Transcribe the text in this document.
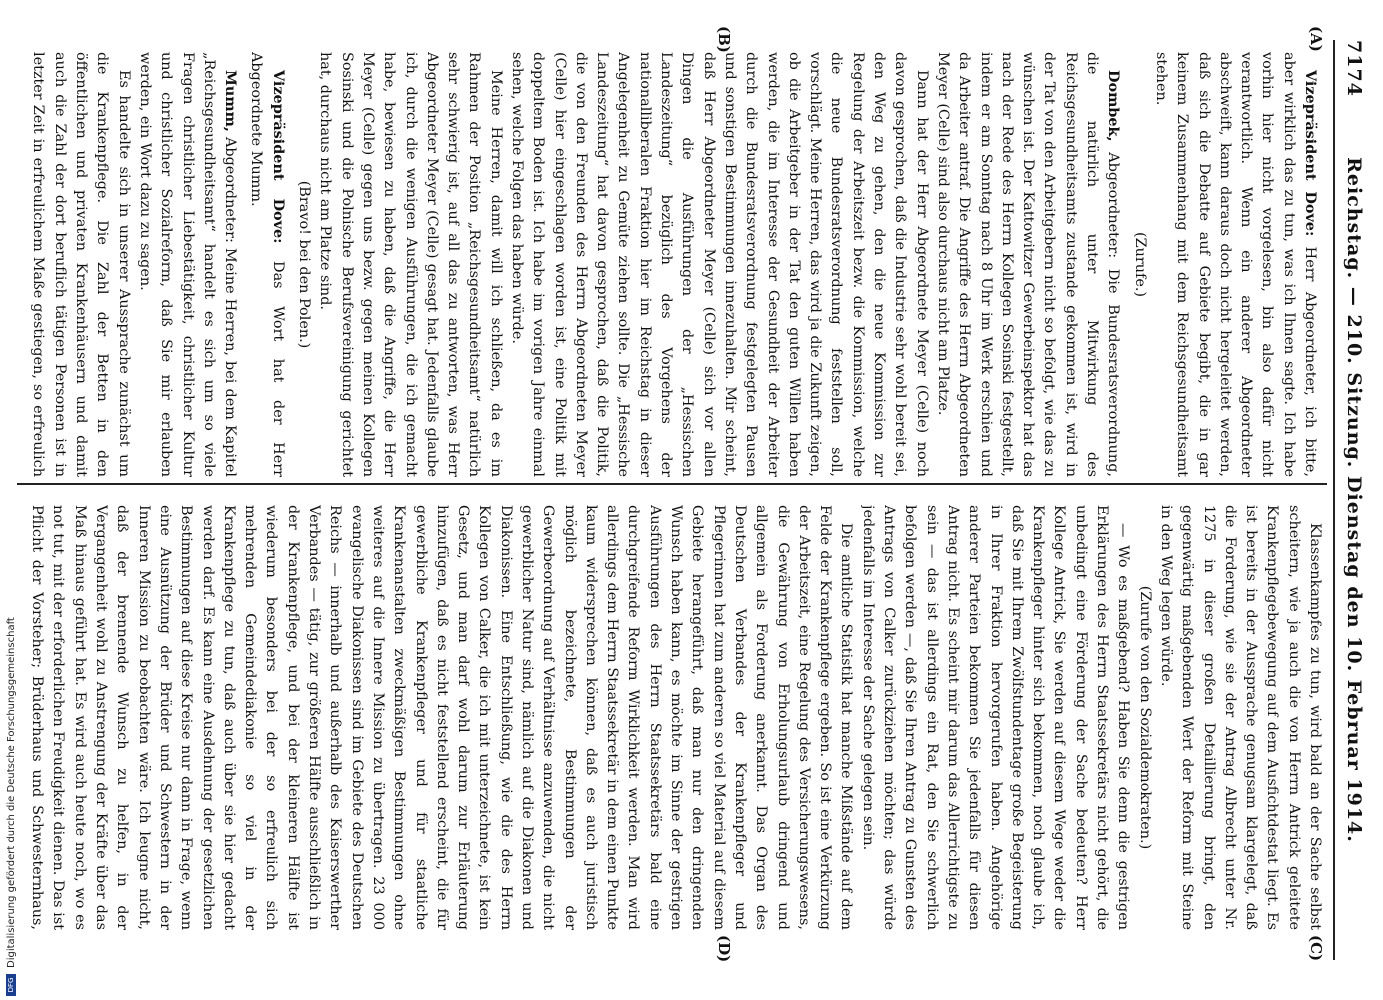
7174
Reichstag. — 210. Sitzung. Dienstag den 10. Februar 1914.
(A)
(B)
(C)
(D)

Vizepräsident Dove: Herr Abgeordneter, ich bitte, aber wirklich das zu tun, was ich Ihnen sagte. Ich habe vorhin hier nicht vorgelesen, bin also dafür nicht verantwortlich. Wenn ein anderer Abgeordneter abschweift, kann daraus doch nicht hergeleitet werden, daß sich die Debatte auf Gebiete begibt, die in gar keinem Zusammenhang mit dem Reichsgesundheitsamt stehen.

(Zurufe.)

Dombek, Abgeordneter: Die Bundesratsverordnung, die natürlich unter Mitwirkung des Reichsgesundheitsamts zustande gekommen ist, wird in der Tat von den Arbeitgebern nicht so befolgt, wie das zu wünschen ist. Der Kattowitzer Gewerbeinspektor hat das nach der Rede des Herrn Kollegen Sosinski festgestellt, indem er am Sonntag nach 8 Uhr im Werk erschien und da Arbeiter antraf. Die Angriffe des Herrn Abgeordneten Meyer (Celle) sind also durchaus nicht am Platze.

Dann hat der Herr Abgeordnete Meyer (Celle) noch davon gesprochen, daß die Industrie sehr wohl bereit sei, den Weg zu gehen, den die neue Kommission zur Regelung der Arbeitszeit bezw. die Kommission, welche die neue Bundesratsverordnung feststellen soll, vorschlägt. Meine Herren, das wird ja die Zukunft zeigen, ob die Arbeitgeber in der Tat den guten Willen haben werden, die im Interesse der Gesundheit der Arbeiter durch die Bundesratsverordnung festgelegten Pausen und sonstigen Bestimmungen innezuhalten. Mir scheint, daß Herr Abgeordneter Meyer (Celle) sich vor allen Dingen die Ausführungen der „Hessischen Landeszeitung“ bezüglich des Vorgehens der nationalliberalen Fraktion hier im Reichstag in dieser Angelegenheit zu Gemüte ziehen sollte. Die „Hessische Landeszeitung“ hat davon gesprochen, daß die Politik, die von den Freunden des Herrn Abgeordneten Meyer (Celle) hier eingeschlagen worden ist, eine Politik mit doppeltem Boden ist. Ich habe im vorigen Jahre einmal sehen, welche Folgen das haben würde.

Meine Herren, damit will ich schließen, da es im Rahmen der Position „Reichsgesundheitsamt“ natürlich sehr schwierig ist, auf all das zu antworten, was Herr Abgeordneter Meyer (Celle) gesagt hat. Jedenfalls glaube ich, durch die wenigen Ausführungen, die ich gemacht habe, bewiesen zu haben, daß die Angriffe, die Herr Meyer (Celle) gegen uns bezw. gegen meinen Kollegen Sosinski und die Polnische Berufsvereinigung gerichtet hat, durchaus nicht am Platze sind.

(Bravo! bei den Polen.)

Vizepräsident Dove: Das Wort hat der Herr Abgeordnete Mumm.

Mumm, Abgeordneter: Meine Herren, bei dem Kapitel „Reichsgesundheitsamt“ handelt es sich um so viele Fragen christlicher Liebestätigkeit, christlicher Kultur und christlicher Sozialreform, daß Sie mir erlauben werden, ein Wort dazu zu sagen.

Es handelte sich in unserer Aussprache zunächst um die Krankenpflege. Die Zahl der Betten in den öffentlichen und privaten Krankenhäusern und damit auch die Zahl der dort beruflich tätigen Personen ist in letzter Zeit in erfreulichem Maße gestiegen, so erfreulich

Klassenkampfes zu tun, wird bald an der Sache selbst scheitern, wie ja auch die von Herrn Antrick geleitete Krankenpflegebewegung auf dem Ausfichtdestat liegt. Es ist bereits in der Aussprache genugsam klargelegt, daß die Forderung, wie sie der Antrag Albrecht unter Nr. 1275 in dieser großen Detaillierung bringt, den gegenwärtig maßgebenden Wert der Reform mit Steine in den Weg legen würde.

(Zurufe von den Sozialdemokraten.)

— Wo es maßgebend? Haben Sie denn die gestrigen Erklärungen des Herrn Staatssekretärs nicht gehört, die unbedingt eine Förderung der Sache bedeuten? Herr Kollege Antrick, Sie werden auf diesem Wege weder die Krankenpfleger hinter sich bekommen, noch glaube ich, daß Sie mit Ihrem Zwölfstundentage große Begeisterung in Ihrer Fraktion hervorgerufen haben. Angehörige anderer Parteien bekommen Sie jedenfalls für diesen Antrag nicht. Es scheint mir darum das Allerrichtigste zu sein — das ist allerdings ein Rat, den Sie schwerlich befolgen werden —, daß Sie Ihren Antrag zu Gunsten des Antrags von Calker zurückziehen möchten; das würde jedenfalls im Interesse der Sache gelegen sein.

Die amtliche Statistik hat manche Mißstände auf dem Felde der Krankenpflege ergeben. So ist eine Verkürzung der Arbeitszeit, eine Regelung des Versicherungswesens, die Gewährung von Erholungsurlaub dringend und allgemein als Forderung anerkannt. Das Organ des Deutschen Verbandes der Krankenpfleger und Pflegerinnen hat zum anderen so viel Material auf diesem Gebiete herangeführt, daß man nur den dringenden Wunsch haben kann, es möchte im Sinne der gestrigen Ausführungen des Herrn Staatssekretärs bald eine durchgreifende Reform Wirklichkeit werden. Man wird allerdings dem Herrn Staatssekretär in dem einen Punkte kaum widersprechen können, daß es auch juristisch möglich bezeichnete, Bestimmungen der Gewerbeordnung auf Verhältnisse anzuwenden, die nicht gewerblicher Natur sind, nämlich auf die Diakonen und Diakonissen. Eine Entschließung, wie die des Herrn Kollegen von Calker, die ich mit unterzeichnete, ist kein Gesetz, und man darf wohl darum zur Erläuterung hinzufügen, daß es nicht feststellend erscheint, die für gewerbliche Krankenpfleger und für staatliche Krankenanstalten zweckmäßigen Bestimmungen ohne weiteres auf die Innere Mission zu übertragen. 23 000 evangelische Diakonissen sind im Gebiete des Deutschen Reichs — innerhalb und außerhalb des Kaiserswerther Verbandes — tätig, zur größeren Hälfte ausschließlich in der Krankenpflege, und bei der kleineren Hälfte ist wiederum besonders bei der so erfreulich sich mehrenden Gemeindediakonie so viel in der Krankenpflege zu tun, daß auch über sie hier gedacht werden darf. Es kann eine Ausdehnung der gesetzlichen Bestimmungen auf diese Kreise nur dann in Frage, wenn eine Ausnützung der Brüder und Schwestern in der Inneren Mission zu beobachten wäre. Ich leugne nicht, daß der brennende Wunsch zu helfen, in der Vergangenheit wohl zu Anstrengung der Kräfte über das Maß hinaus geführt hat. Es wird auch heute noch, wo es not tut, mit der erforderlichen Freudigkeit dienen. Das ist Pflicht der Vorsteher; Brüderhaus und Schwesternhaus,

DFGDigitalisierung gefördert durch die Deutsche Forschungsgemeinschaft
